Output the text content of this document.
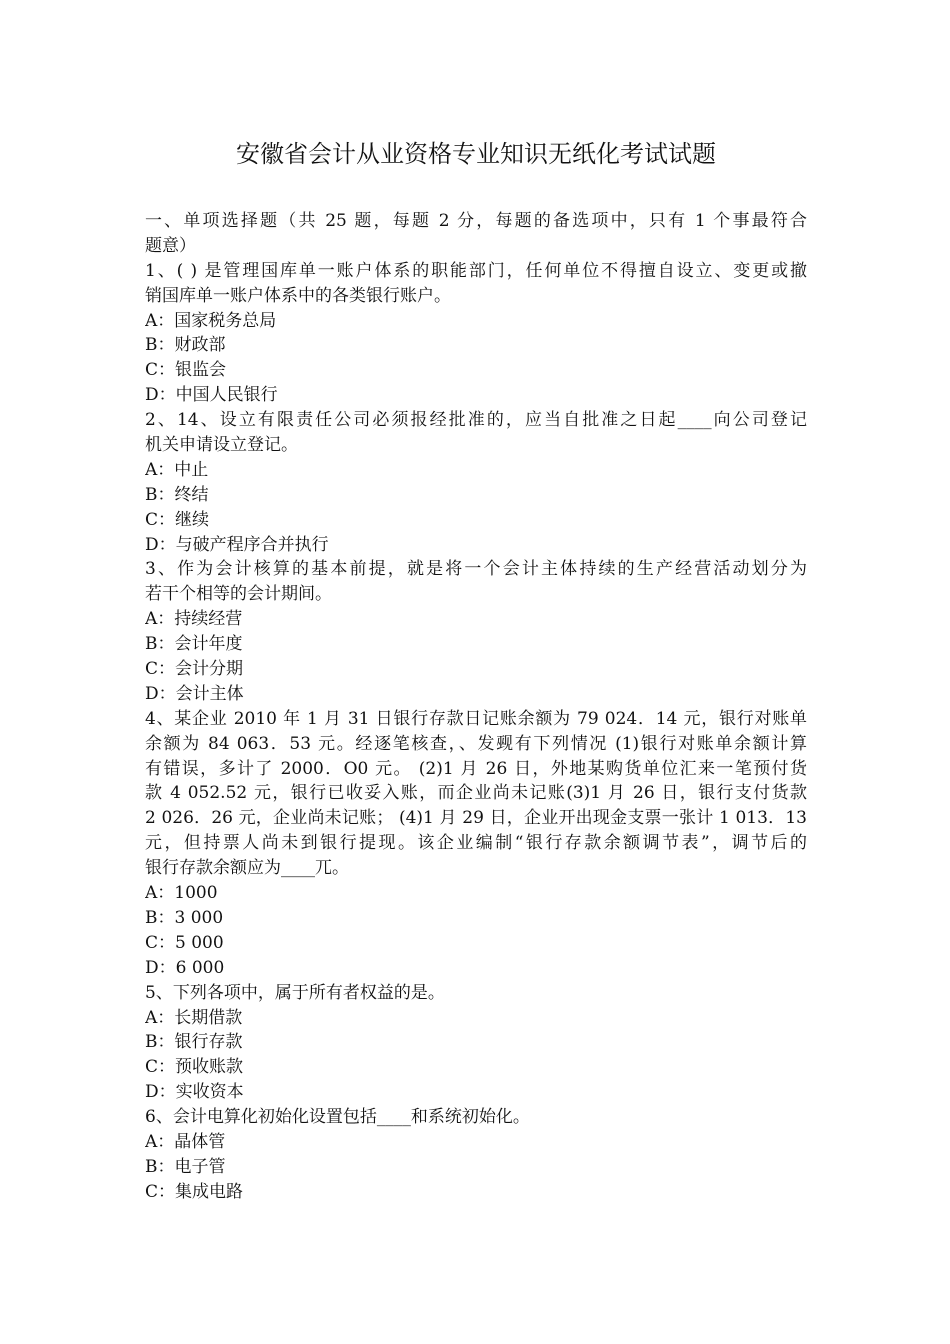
安徽省会计从业资格专业知识无纸化考试试题
一、单项选择题（共 25 题，每题 2 分，每题的备选项中，只有 1 个事最符合
题意）
1、( ) 是管理国库单一账户体系的职能部门，任何单位不得擅自设立、变更或撤
销国库单一账户体系中的各类银行账户。
A：国家税务总局
B：财政部
C：银监会
D：中国人民银行
2、14、设立有限责任公司必须报经批准的，应当自批准之日起____向公司登记
机关申请设立登记。
A：中止
B：终结
C：继续
D：与破产程序合并执行
3、作为会计核算的基本前提，就是将一个会计主体持续的生产经营活动划分为
若干个相等的会计期间。
A：持续经营
B：会计年度
C：会计分期
D：会计主体
4、某企业 2010 年 1 月 31 日银行存款日记账余额为 79 024．14 元，银行对账单
余额为 84 063．53 元。经逐笔核查，、发觋有下列情况 (1)银行对账单余额计算
有错误，多计了 2000．O0 元。 (2)1 月 26 日，外地某购货单位汇来一笔预付货
款 4 052.52 元，银行已收妥入账，而企业尚未记账(3)1 月 26 日，银行支付货款
2 026．26 元，企业尚未记账； (4)1 月 29 日，企业开出现金支票一张计 1 013．13
元，但持票人尚未到银行提现。该企业编制“银行存款余额调节表”，调节后的
银行存款余额应为____兀。
A：1000
B：3 000
C：5 000
D：6 000
5、下列各项中，属于所有者权益的是。
A：长期借款
B：银行存款
C：预收账款
D：实收资本
6、会计电算化初始化设置包括____和系统初始化。
A：晶体管
B：电子管
C：集成电路
